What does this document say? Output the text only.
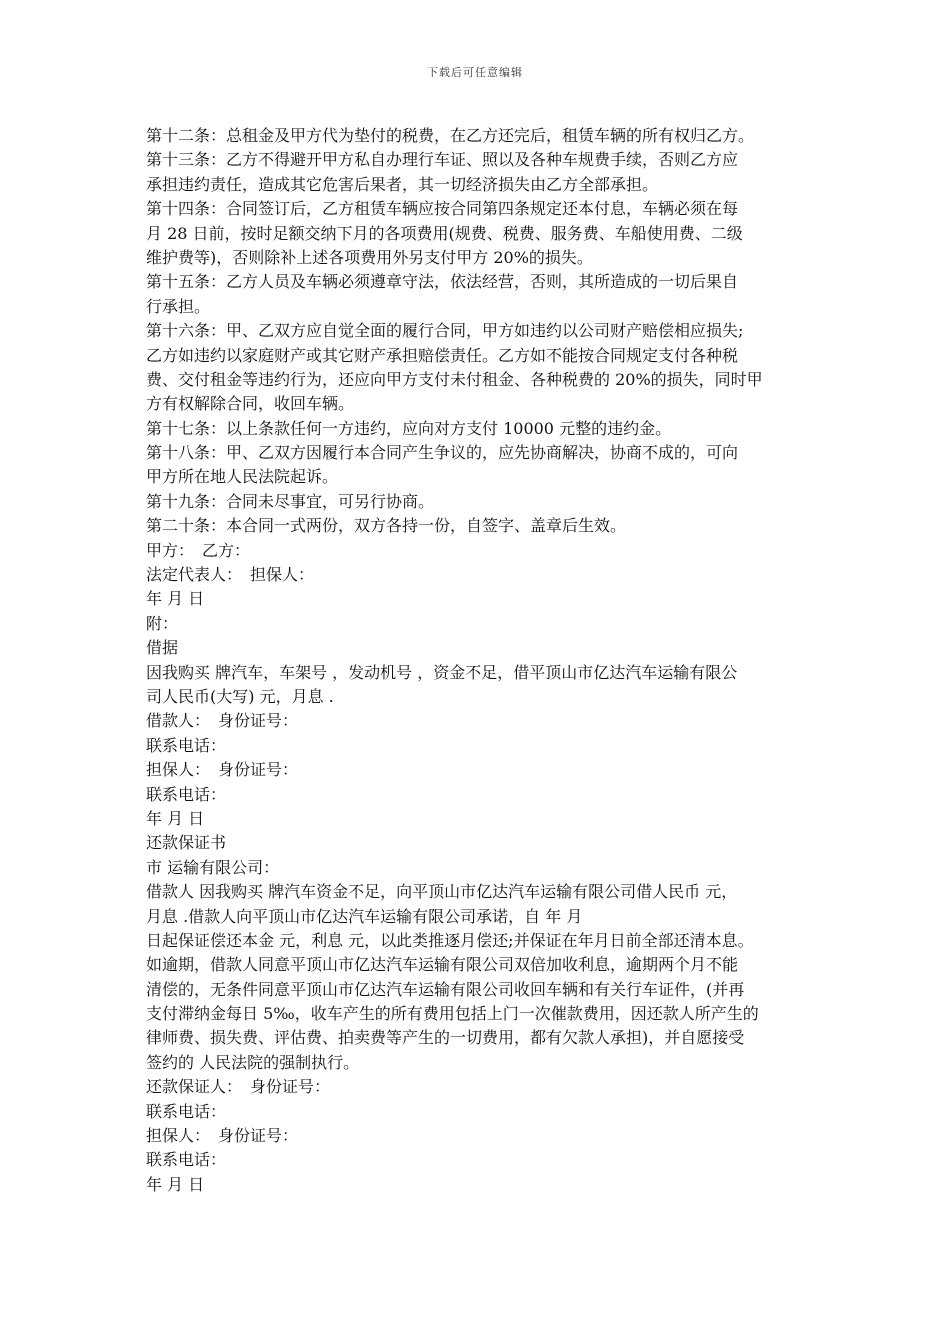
下载后可任意编辑
第十二条：总租金及甲方代为垫付的税费，在乙方还完后，租赁车辆的所有权归乙方。
第十三条：乙方不得避开甲方私自办理行车证、照以及各种车规费手续，否则乙方应
承担违约责任，造成其它危害后果者，其一切经济损失由乙方全部承担。
第十四条：合同签订后，乙方租赁车辆应按合同第四条规定还本付息，车辆必须在每
月 28 日前，按时足额交纳下月的各项费用(规费、税费、服务费、车船使用费、二级
维护费等)，否则除补上述各项费用外另支付甲方 20%的损失。
第十五条：乙方人员及车辆必须遵章守法，依法经营，否则，其所造成的一切后果自
行承担。
第十六条：甲、乙双方应自觉全面的履行合同，甲方如违约以公司财产赔偿相应损失;
乙方如违约以家庭财产或其它财产承担赔偿责任。乙方如不能按合同规定支付各种税
费、交付租金等违约行为，还应向甲方支付未付租金、各种税费的 20%的损失，同时甲
方有权解除合同，收回车辆。
第十七条：以上条款任何一方违约，应向对方支付 10000 元整的违约金。
第十八条：甲、乙双方因履行本合同产生争议的，应先协商解决，协商不成的，可向
甲方所在地人民法院起诉。
第十九条：合同未尽事宜，可另行协商。
第二十条：本合同一式两份，双方各持一份，自签字、盖章后生效。
甲方：　乙方：
法定代表人：　担保人：
年 月 日
附：
借据
因我购买 牌汽车，车架号 ，发动机号 ，资金不足，借平顶山市亿达汽车运输有限公
司人民币(大写) 元，月息 .
借款人：　身份证号：
联系电话：
担保人：　身份证号：
联系电话：
年 月 日
还款保证书
市 运输有限公司：
借款人 因我购买 牌汽车资金不足，向平顶山市亿达汽车运输有限公司借人民币 元，
月息 .借款人向平顶山市亿达汽车运输有限公司承诺，自 年 月
日起保证偿还本金 元，利息 元，以此类推逐月偿还;并保证在年月日前全部还清本息。
如逾期，借款人同意平顶山市亿达汽车运输有限公司双倍加收利息，逾期两个月不能
清偿的，无条件同意平顶山市亿达汽车运输有限公司收回车辆和有关行车证件，(并再
支付滞纳金每日 5‰，收车产生的所有费用包括上门一次催款费用，因还款人所产生的
律师费、损失费、评估费、拍卖费等产生的一切费用，都有欠款人承担)，并自愿接受
签约的 人民法院的强制执行。
还款保证人：　身份证号：
联系电话：
担保人：　身份证号：
联系电话：
年 月 日
